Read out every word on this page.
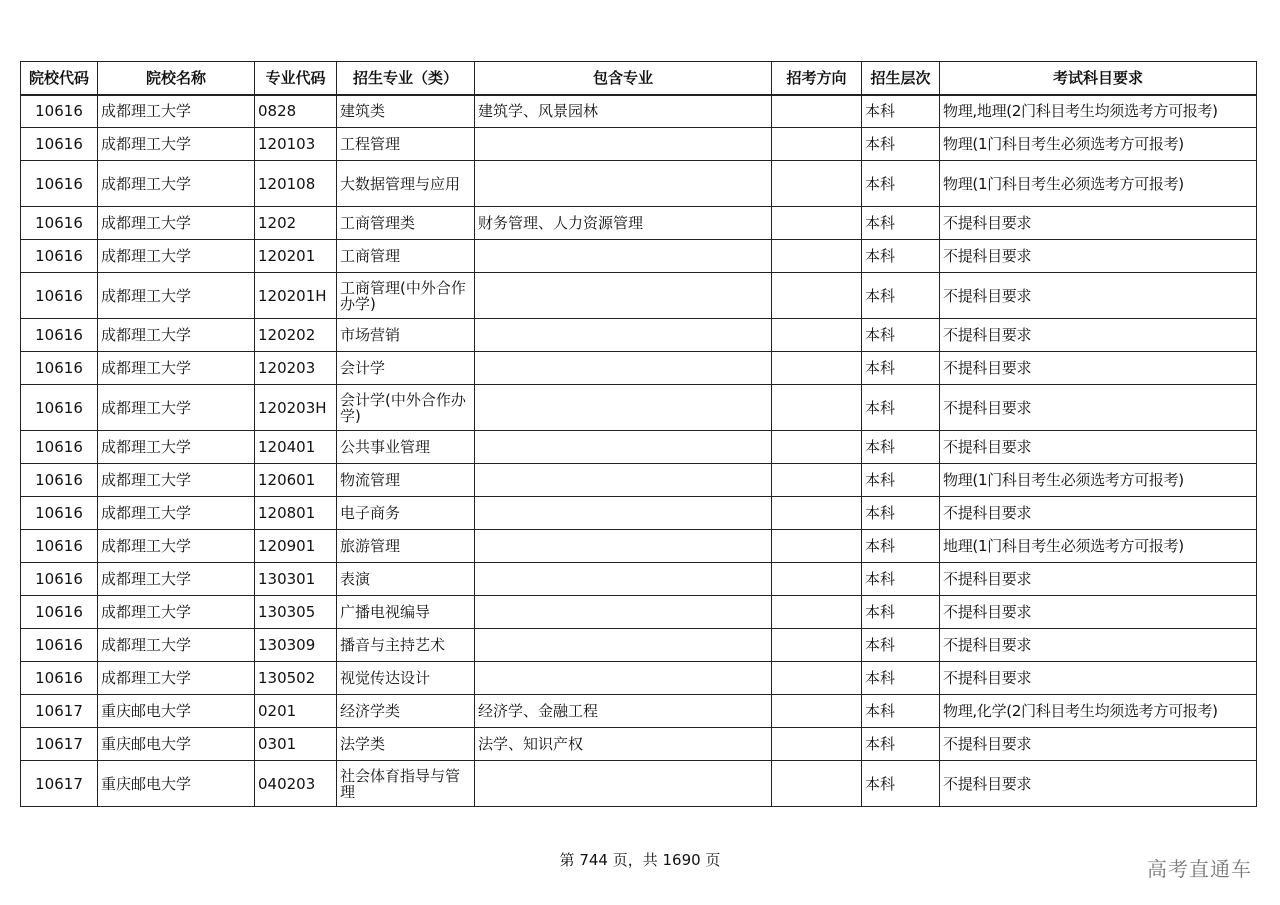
院校代码	院校名称	专业代码	招生专业（类）	包含专业	招考方向	招生层次	考试科目要求
10616	成都理工大学	0828	建筑类	建筑学、风景园林		本科	物理,地理(2门科目考生均须选考方可报考)
10616	成都理工大学	120103	工程管理			本科	物理(1门科目考生必须选考方可报考)
10616	成都理工大学	120108	大数据管理与应用			本科	物理(1门科目考生必须选考方可报考)
10616	成都理工大学	1202	工商管理类	财务管理、人力资源管理		本科	不提科目要求
10616	成都理工大学	120201	工商管理			本科	不提科目要求
10616	成都理工大学	120201H	工商管理(中外合作办学)			本科	不提科目要求
10616	成都理工大学	120202	市场营销			本科	不提科目要求
10616	成都理工大学	120203	会计学			本科	不提科目要求
10616	成都理工大学	120203H	会计学(中外合作办学)			本科	不提科目要求
10616	成都理工大学	120401	公共事业管理			本科	不提科目要求
10616	成都理工大学	120601	物流管理			本科	物理(1门科目考生必须选考方可报考)
10616	成都理工大学	120801	电子商务			本科	不提科目要求
10616	成都理工大学	120901	旅游管理			本科	地理(1门科目考生必须选考方可报考)
10616	成都理工大学	130301	表演			本科	不提科目要求
10616	成都理工大学	130305	广播电视编导			本科	不提科目要求
10616	成都理工大学	130309	播音与主持艺术			本科	不提科目要求
10616	成都理工大学	130502	视觉传达设计			本科	不提科目要求
10617	重庆邮电大学	0201	经济学类	经济学、金融工程		本科	物理,化学(2门科目考生均须选考方可报考)
10617	重庆邮电大学	0301	法学类	法学、知识产权		本科	不提科目要求
10617	重庆邮电大学	040203	社会体育指导与管理			本科	不提科目要求
第 744 页，共 1690 页	高考直通车
